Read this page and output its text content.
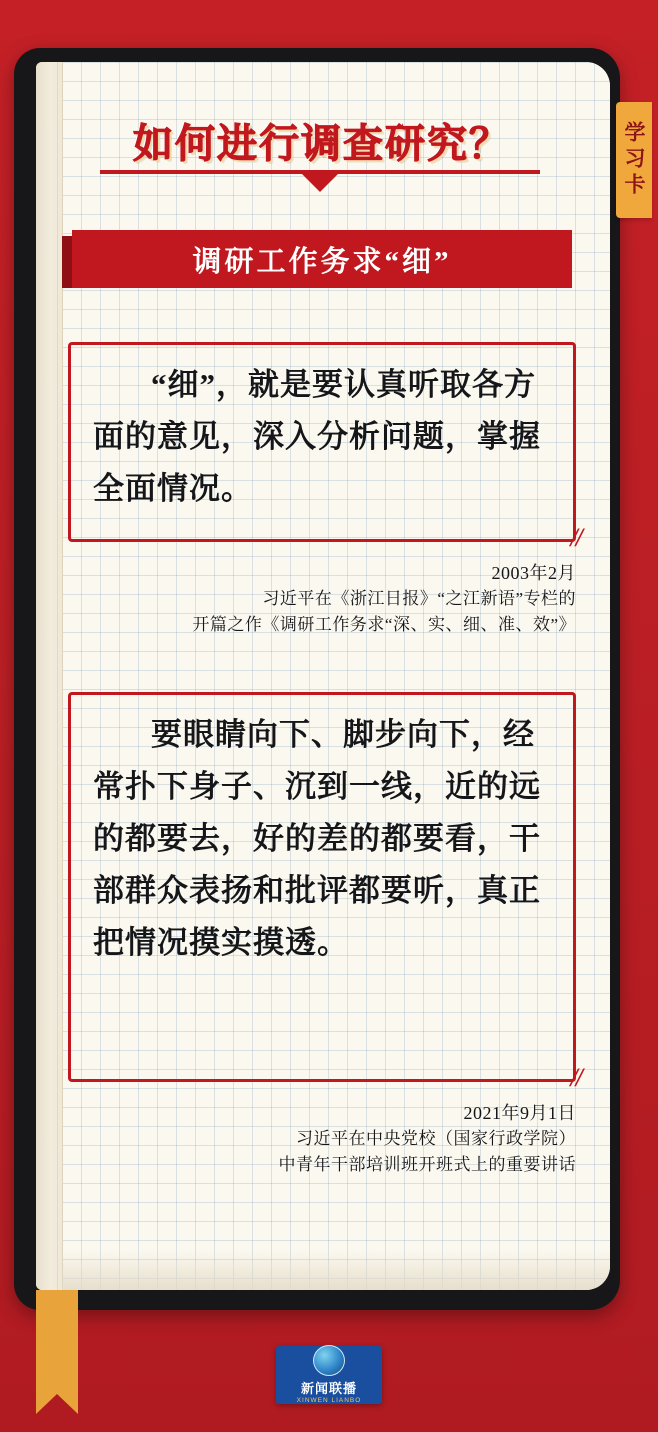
如何进行调查研究？
调研工作务求“细”
“细”，就是要认真听取各方面的意见，深入分析问题，掌握全面情况。
//
2003年2月
习近平在《浙江日报》“之江新语”专栏的
开篇之作《调研工作务求“深、实、细、准、效”》
要眼睛向下、脚步向下，经常扑下身子、沉到一线，近的远的都要去，好的差的都要看，干部群众表扬和批评都要听，真正把情况摸实摸透。
//
2021年9月1日
习近平在中央党校（国家行政学院）
中青年干部培训班开班式上的重要讲话
学习卡
新闻联播
XINWEN LIANBO
